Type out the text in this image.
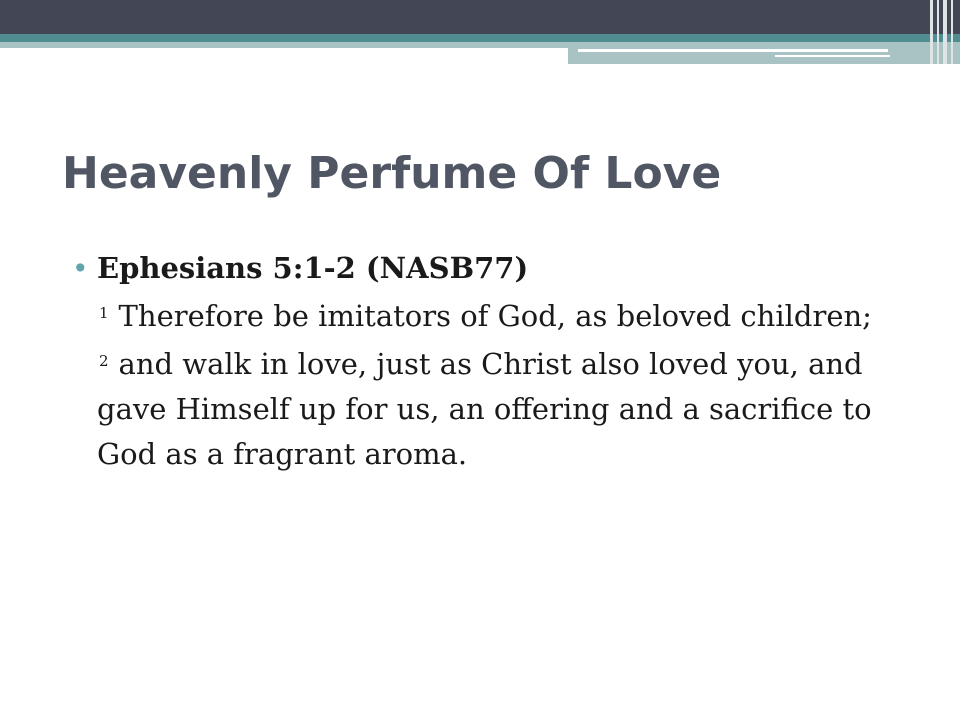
Heavenly Perfume Of Love
• Ephesians 5:1-2 (NASB77)
$^1$ Therefore be imitators of God, as beloved children;
$^2$ and walk in love, just as Christ also loved you, and gave Himself up for us, an offering and a sacrifice to God as a fragrant aroma.
